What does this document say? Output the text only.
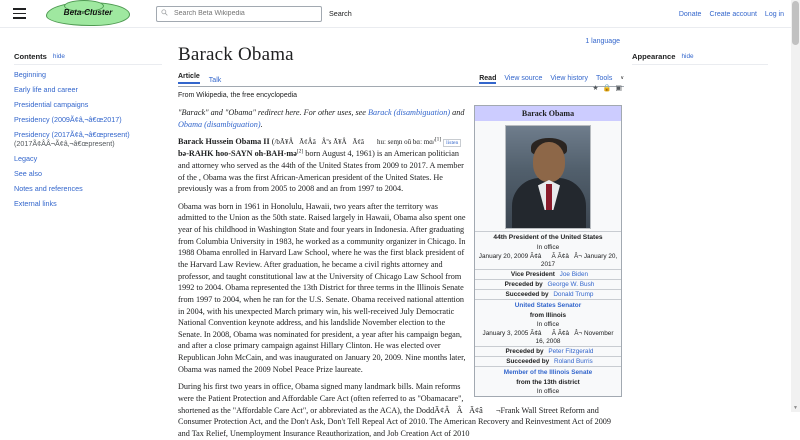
Beta-Cluster
Search Beta Wikipedia	Search	Donate Create account Log in
Contents hide
Beginning
Early life and career
Presidential campaigns
Presidency (2009Ã¢â‚¬â€œ2017)
Presidency (2017Ã¢â‚¬â€œpresent)
(2017Ã¢ÂÂ¬Ã¢â‚¬â€œpresent)
Legacy
See also
Notes and references
External links
1 language
Barack Obama
Article
Talk	Read View source View history Tools ∨
From Wikipedia, the free encyclopedia
★ 🔒 ▣
Barack Obama
44th President of the United States
In office
January 20, 2009 Ã¢âÃ Ã¢âÂ¬ January 20, 2017
Vice President Joe Biden
Preceded by George W. Bush
Succeeded by Donald Trump
United States Senator
from Illinois
In office
January 3, 2005 Ã¢âÃ Ã¢âÂ¬ November 16, 2008
Preceded by Peter Fitzgerald
Succeeded by Roland Burris
Member of the Illinois Senate
from the 13th district
In office

"Barack" and "Obama" redirect here. For other uses, see Barack (disambiguation) and Obama (disambiguation).

Barack Hussein Obama II (/bÃ¥ÂÃ¢ÂâÂºs Ã¥ÂÃ¢â huː seɱn oŭ bɑː mɑ/[1] listen bə-RAHK hoo-SAYN oh-BAH-mə[2] born August 4, 1961) is an American politician and attorney who served as the 44th of the United States from 2009 to 2017. A member of the , Obama was the first African-American president of the United States. He previously was a from from 2005 to 2008 and an from 1997 to 2004.

Obama was born in 1961 in Honolulu, Hawaii, two years after the territory was admitted to the Union as the 50th state. Raised largely in Hawaii, Obama also spent one year of his childhood in Washington State and four years in Indonesia. After graduating from Columbia University in 1983, he worked as a community organizer in Chicago. In 1988 Obama enrolled in Harvard Law School, where he was the first black president of the Harvard Law Review. After graduation, he became a civil rights attorney and professor, and taught constitutional law at the University of Chicago Law School from 1992 to 2004. Obama represented the 13th District for three terms in the Illinois Senate from 1997 to 2004, when he ran for the U.S. Senate. Obama received national attention in 2004, with his unexpected March primary win, his well-received July Democratic National Convention keynote address, and his landslide November election to the Senate. In 2008, Obama was nominated for president, a year after his campaign began, and after a close primary campaign against Hillary Clinton. He was elected over Republican John McCain, and was inaugurated on January 20, 2009. Nine months later, Obama was named the 2009 Nobel Peace Prize laureate.

During his first two years in office, Obama signed many landmark bills. Main reforms were the Patient Protection and Affordable Care Act (often referred to as "Obamacare", shortened as the "Affordable Care Act", or abbreviated as the ACA), the DoddÃ¢ÂÂÃ¢â¬Frank Wall Street Reform and Consumer Protection Act, and the Don't Ask, Don't Tell Repeal Act of 2010. The American Recovery and Reinvestment Act of 2009 and Tax Relief, Unemployment Insurance Reauthorization, and Job Creation Act of 2010

Appearance hide
▼
